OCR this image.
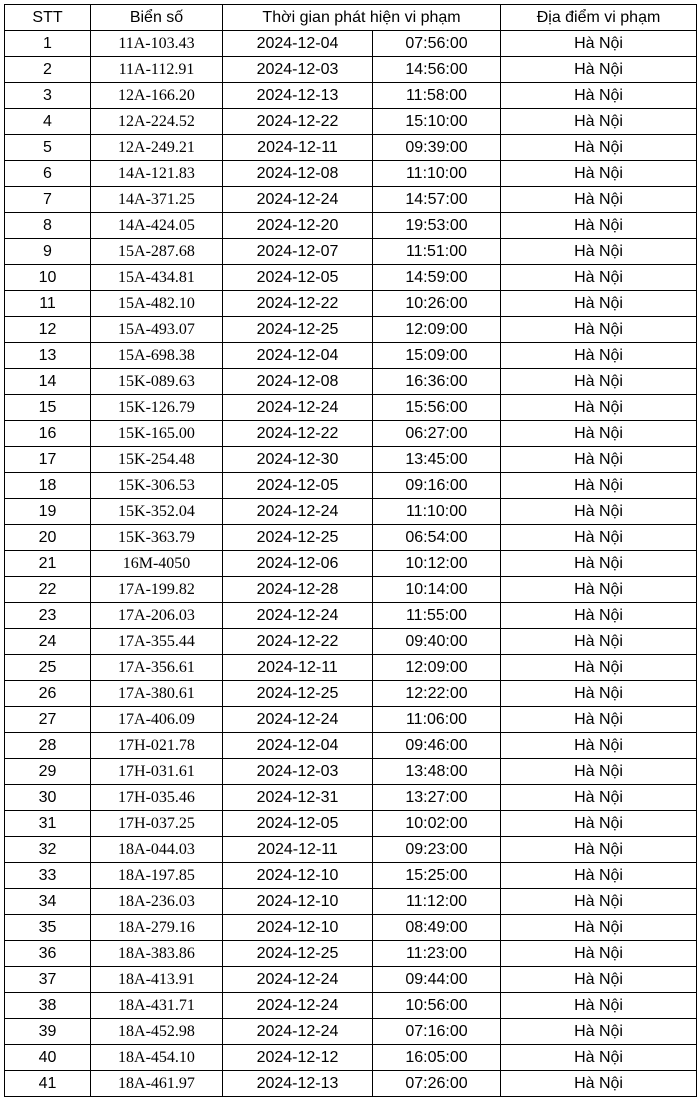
STT	Biển số	Thời gian phát hiện vi phạm		Địa điểm vi phạm
1	11A-103.43	2024-12-04	07:56:00	Hà Nội
2	11A-112.91	2024-12-03	14:56:00	Hà Nội
3	12A-166.20	2024-12-13	11:58:00	Hà Nội
4	12A-224.52	2024-12-22	15:10:00	Hà Nội
5	12A-249.21	2024-12-11	09:39:00	Hà Nội
6	14A-121.83	2024-12-08	11:10:00	Hà Nội
7	14A-371.25	2024-12-24	14:57:00	Hà Nội
8	14A-424.05	2024-12-20	19:53:00	Hà Nội
9	15A-287.68	2024-12-07	11:51:00	Hà Nội
10	15A-434.81	2024-12-05	14:59:00	Hà Nội
11	15A-482.10	2024-12-22	10:26:00	Hà Nội
12	15A-493.07	2024-12-25	12:09:00	Hà Nội
13	15A-698.38	2024-12-04	15:09:00	Hà Nội
14	15K-089.63	2024-12-08	16:36:00	Hà Nội
15	15K-126.79	2024-12-24	15:56:00	Hà Nội
16	15K-165.00	2024-12-22	06:27:00	Hà Nội
17	15K-254.48	2024-12-30	13:45:00	Hà Nội
18	15K-306.53	2024-12-05	09:16:00	Hà Nội
19	15K-352.04	2024-12-24	11:10:00	Hà Nội
20	15K-363.79	2024-12-25	06:54:00	Hà Nội
21	16M-4050	2024-12-06	10:12:00	Hà Nội
22	17A-199.82	2024-12-28	10:14:00	Hà Nội
23	17A-206.03	2024-12-24	11:55:00	Hà Nội
24	17A-355.44	2024-12-22	09:40:00	Hà Nội
25	17A-356.61	2024-12-11	12:09:00	Hà Nội
26	17A-380.61	2024-12-25	12:22:00	Hà Nội
27	17A-406.09	2024-12-24	11:06:00	Hà Nội
28	17H-021.78	2024-12-04	09:46:00	Hà Nội
29	17H-031.61	2024-12-03	13:48:00	Hà Nội
30	17H-035.46	2024-12-31	13:27:00	Hà Nội
31	17H-037.25	2024-12-05	10:02:00	Hà Nội
32	18A-044.03	2024-12-11	09:23:00	Hà Nội
33	18A-197.85	2024-12-10	15:25:00	Hà Nội
34	18A-236.03	2024-12-10	11:12:00	Hà Nội
35	18A-279.16	2024-12-10	08:49:00	Hà Nội
36	18A-383.86	2024-12-25	11:23:00	Hà Nội
37	18A-413.91	2024-12-24	09:44:00	Hà Nội
38	18A-431.71	2024-12-24	10:56:00	Hà Nội
39	18A-452.98	2024-12-24	07:16:00	Hà Nội
40	18A-454.10	2024-12-12	16:05:00	Hà Nội
41	18A-461.97	2024-12-13	07:26:00	Hà Nội
